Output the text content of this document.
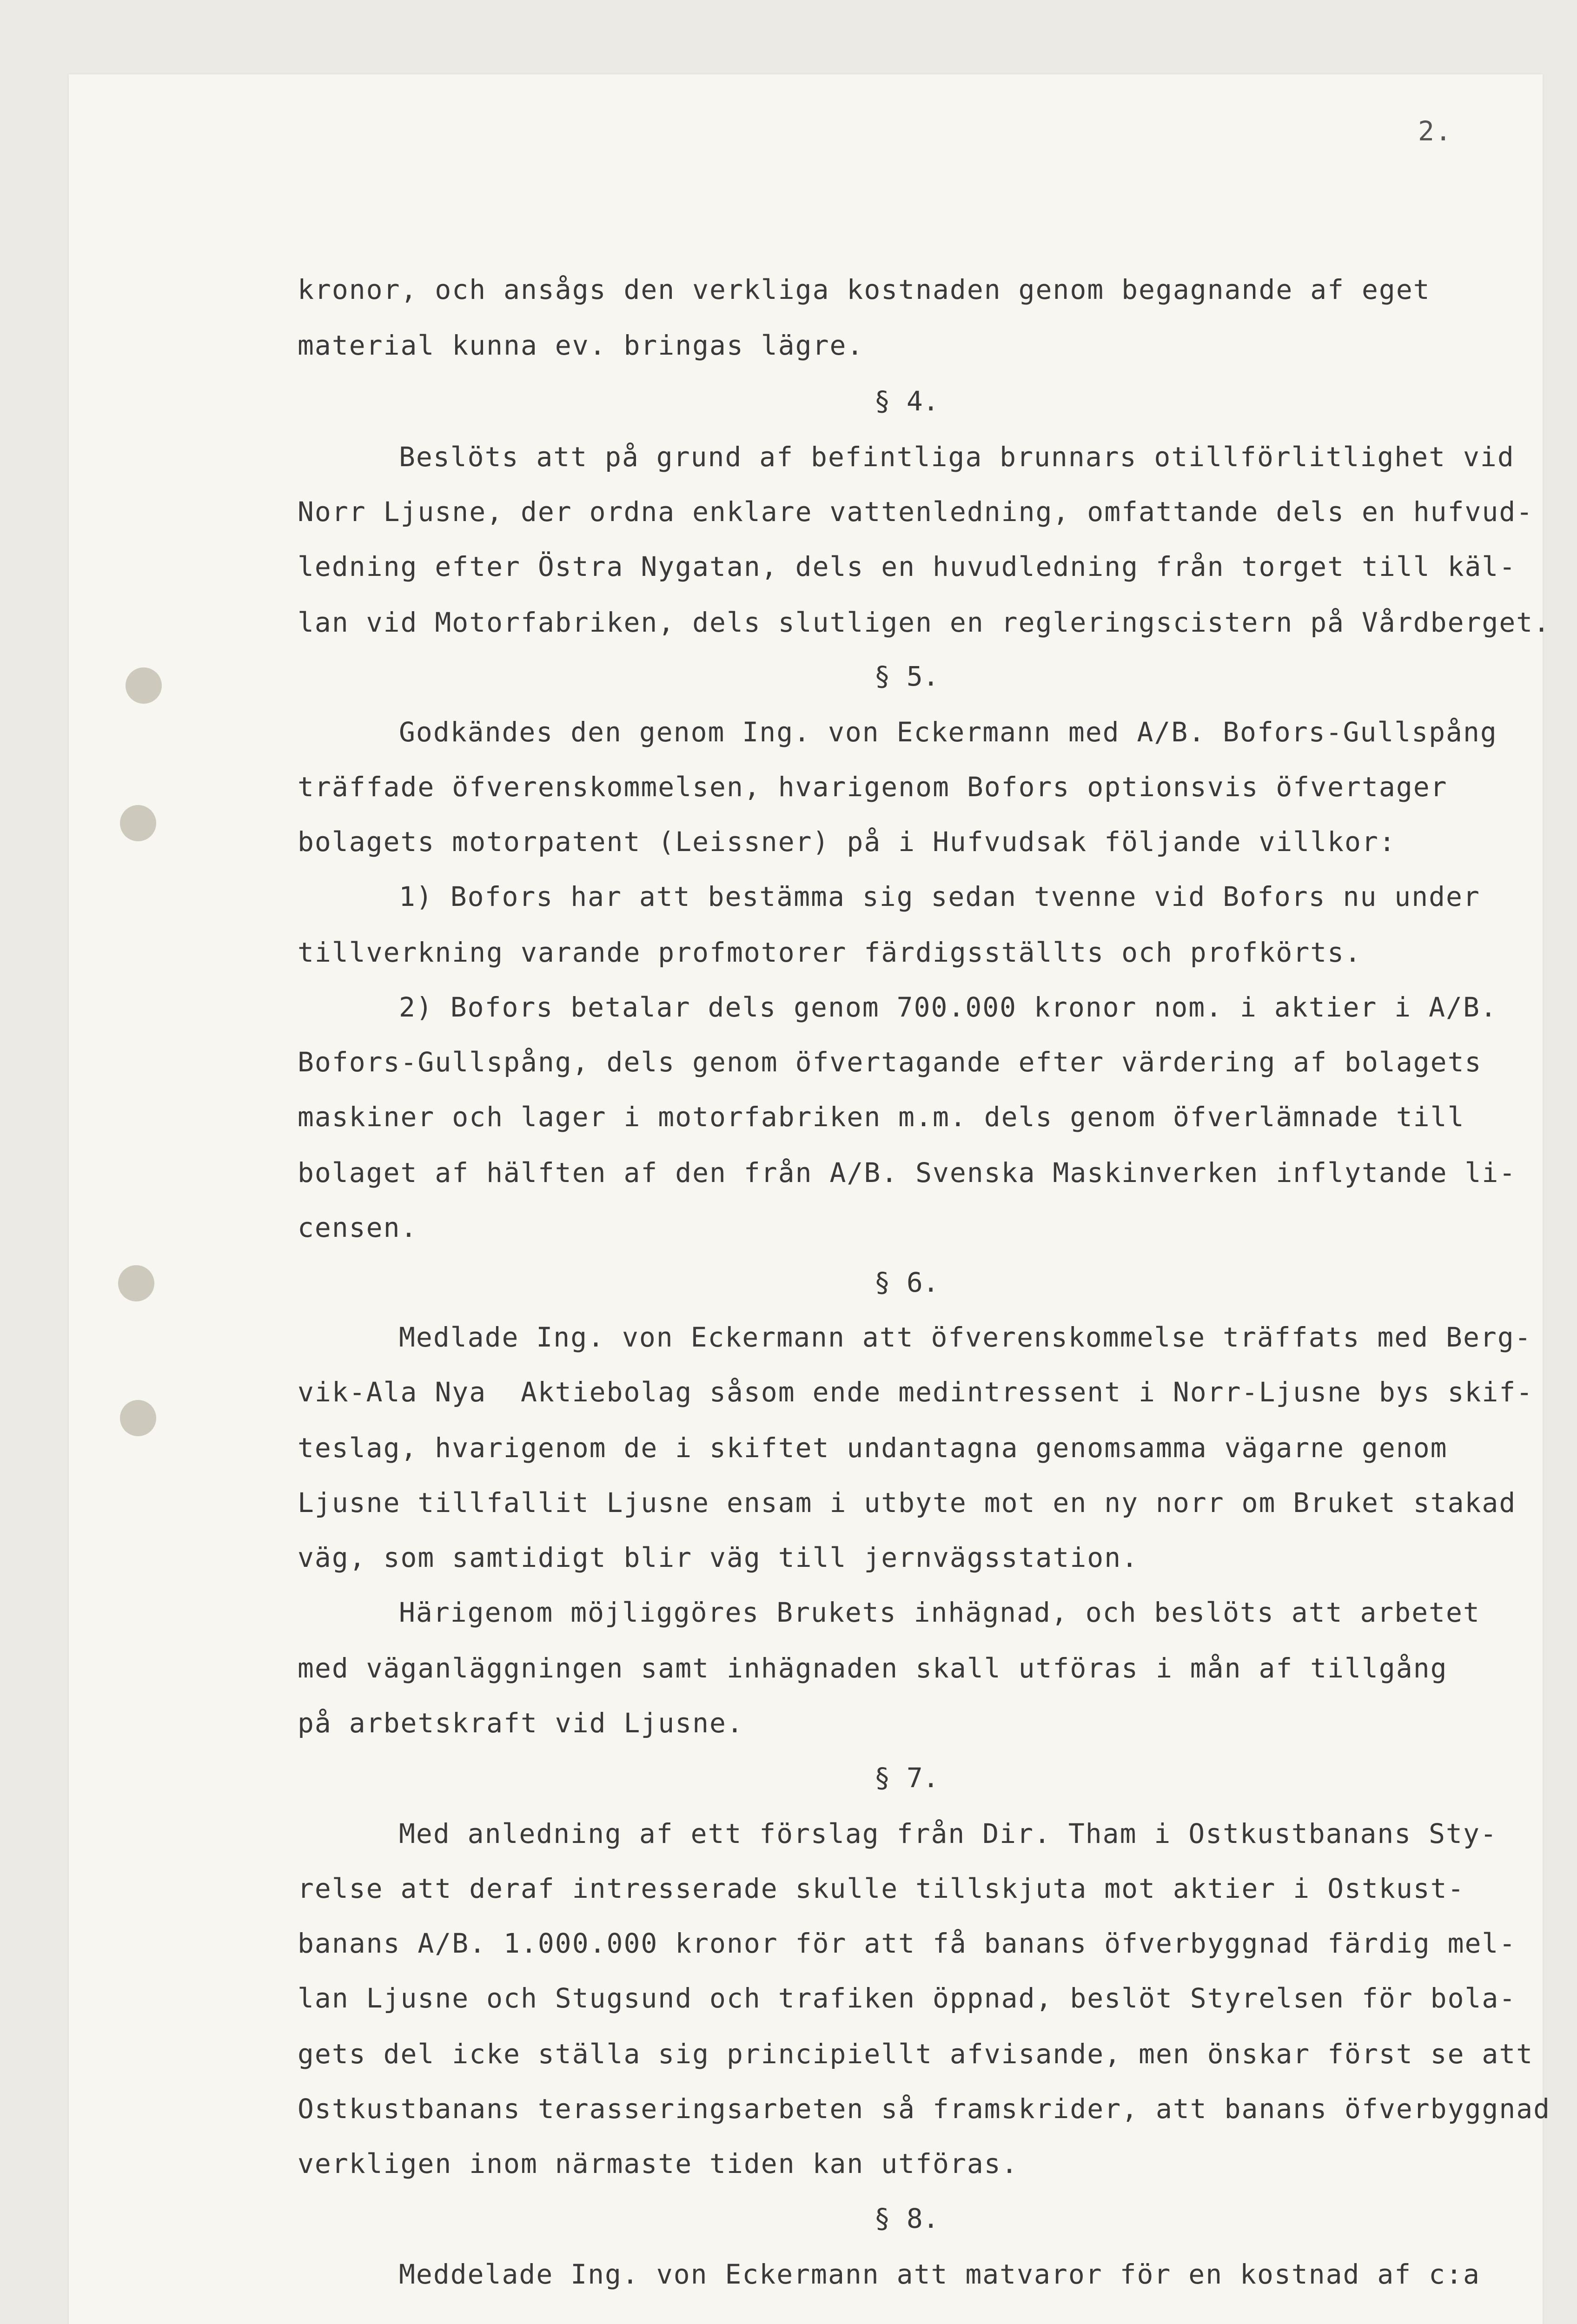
2.
kronor, och ansågs den verkliga kostnaden genom begagnande af eget
material kunna ev. bringas lägre.
§ 4.
Beslöts att på grund af befintliga brunnars otillförlitlighet vid
Norr Ljusne, der ordna enklare vattenledning, omfattande dels en hufvud-
ledning efter Östra Nygatan, dels en huvudledning från torget till käl-
lan vid Motorfabriken, dels slutligen en regleringscistern på Vårdberget.
§ 5.
Godkändes den genom Ing. von Eckermann med A/B. Bofors-Gullspång
träffade öfverenskommelsen, hvarigenom Bofors optionsvis öfvertager
bolagets motorpatent (Leissner) på i Hufvudsak följande villkor:
1) Bofors har att bestämma sig sedan tvenne vid Bofors nu under
tillverkning varande profmotorer färdigsställts och profkörts.
2) Bofors betalar dels genom 700.000 kronor nom. i aktier i A/B.
Bofors-Gullspång, dels genom öfvertagande efter värdering af bolagets
maskiner och lager i motorfabriken m.m. dels genom öfverlämnade till
bolaget af hälften af den från A/B. Svenska Maskinverken inflytande li-
censen.
§ 6.
Medlade Ing. von Eckermann att öfverenskommelse träffats med Berg-
vik-Ala Nya  Aktiebolag såsom ende medintressent i Norr-Ljusne bys skif-
teslag, hvarigenom de i skiftet undantagna genomsamma vägarne genom
Ljusne tillfallit Ljusne ensam i utbyte mot en ny norr om Bruket stakad
väg, som samtidigt blir väg till jernvägsstation.
Härigenom möjliggöres Brukets inhägnad, och beslöts att arbetet
med väganläggningen samt inhägnaden skall utföras i mån af tillgång
på arbetskraft vid Ljusne.
§ 7.
Med anledning af ett förslag från Dir. Tham i Ostkustbanans Sty-
relse att deraf intresserade skulle tillskjuta mot aktier i Ostkust-
banans A/B. 1.000.000 kronor för att få banans öfverbyggnad färdig mel-
lan Ljusne och Stugsund och trafiken öppnad, beslöt Styrelsen för bola-
gets del icke ställa sig principiellt afvisande, men önskar först se att
Ostkustbanans terasseringsarbeten så framskrider, att banans öfverbyggnad
verkligen inom närmaste tiden kan utföras.
§ 8.
Meddelade Ing. von Eckermann att matvaror för en kostnad af c:a
